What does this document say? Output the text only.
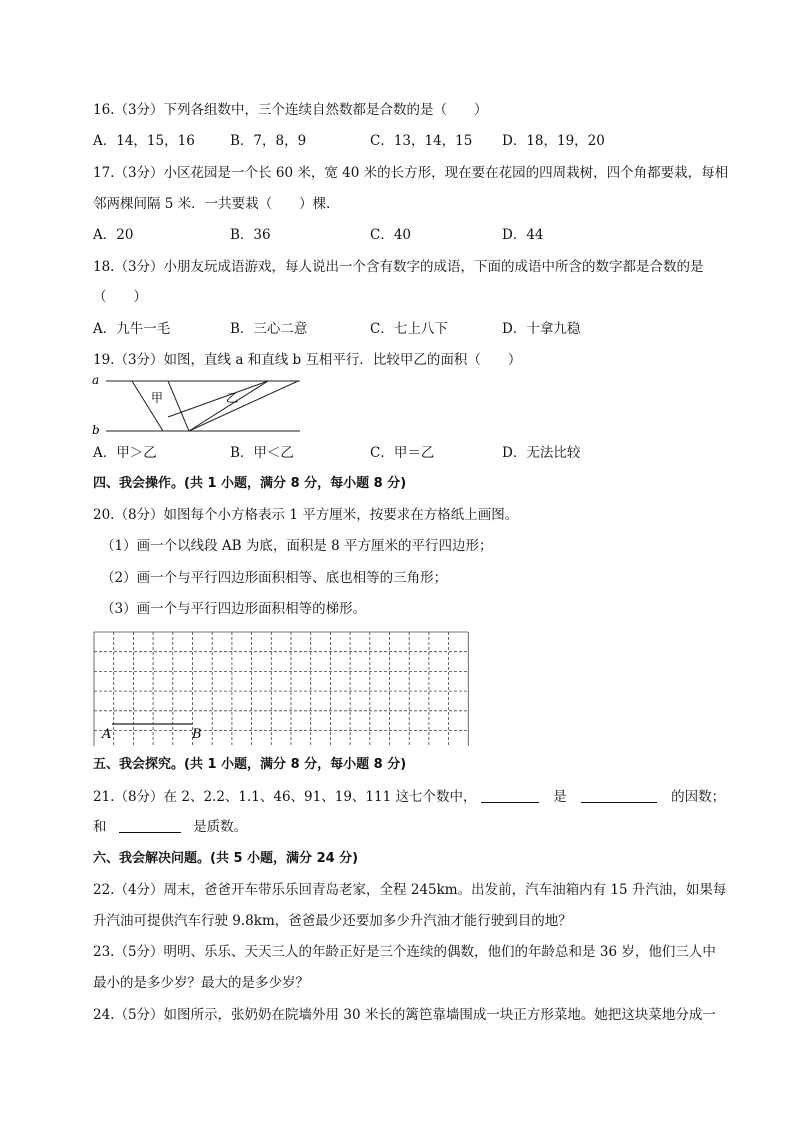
16.（3分）下列各组数中，三个连续自然数都是合数的是（　　）
A．14，15，16	B．7，8，9	C．13，14，15 D．18，19，20
17.（3分）小区花园是一个长 60 米，宽 40 米的长方形，现在要在花园的四周栽树，四个角都要栽，每相
邻两棵间隔 5 米．一共要栽（　　）棵．
A．20	B．36	C．40	D．44
18.（3分）小朋友玩成语游戏，每人说出一个含有数字的成语，下面的成语中所含的数字都是合数的是
（　　）
A．九牛一毛	B．三心二意	C．七上八下	D．十拿九稳
19.（3分）如图，直线 a 和直线 b 互相平行．比较甲乙的面积（　　）
a
b
甲	乙
A．甲＞乙	B．甲＜乙	C．甲＝乙	D．无法比较
四、我会操作。(共 1 小题，满分 8 分，每小题 8 分)
20.（8分）如图每个小方格表示 1 平方厘米，按要求在方格纸上画图。
（1）画一个以线段 AB 为底，面积是 8 平方厘米的平行四边形；
（2）画一个与平行四边形面积相等、底也相等的三角形；
（3）画一个与平行四边形面积相等的梯形。
A	B
五、我会探究。(共 1 小题，满分 8 分，每小题 8 分)
21.（8分）在 2、2.2、1.1、46、91、19、111 这七个数中，	是	的因数；
和	是质数。
六、我会解决问题。(共 5 小题，满分 24 分)
22.（4分）周末，爸爸开车带乐乐回青岛老家，全程 245km。出发前，汽车油箱内有 15 升汽油，如果每
升汽油可提供汽车行驶 9.8km，爸爸最少还要加多少升汽油才能行驶到目的地？
23.（5分）明明、乐乐、天天三人的年龄正好是三个连续的偶数，他们的年龄总和是 36 岁，他们三人中
最小的是多少岁？最大的是多少岁？
24.（5分）如图所示，张奶奶在院墙外用 30 米长的篱笆靠墙围成一块正方形菜地。她把这块菜地分成一
